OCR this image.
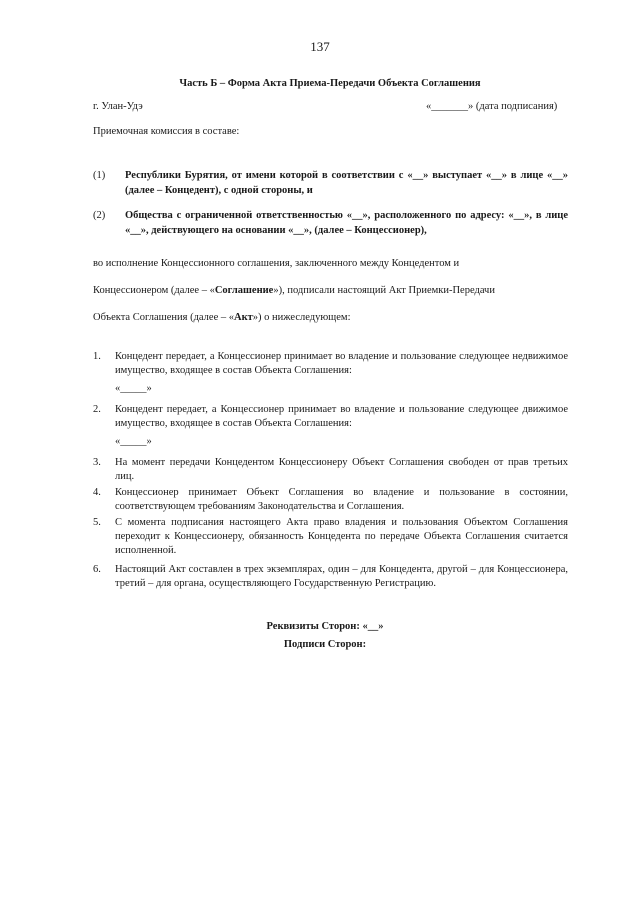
137
Часть Б – Форма Акта Приема-Передачи Объекта Соглашения
г. Улан-Удэ	«_______» (дата подписания)
Приемочная комиссия в составе:
(1) Республики Бурятия, от имени которой в соответствии с «__» выступает «__» в лице «__» (далее – Концедент), с одной стороны, и
(2) Общества с ограниченной ответственностью «__», расположенного по адресу: «__», в лице «__», действующего на основании «__», (далее – Концессионер),
во исполнение Концессионного соглашения, заключенного между Концедентом и
Концессионером (далее – «Соглашение»), подписали настоящий Акт Приемки-Передачи
Объекта Соглашения (далее – «Акт») о нижеследующем:
1. Концедент передает, а Концессионер принимает во владение и пользование следующее недвижимое имущество, входящее в состав Объекта Соглашения:
«_____»
2. Концедент передает, а Концессионер принимает во владение и пользование следующее движимое имущество, входящее в состав Объекта Соглашения:
«_____»
3. На момент передачи Концедентом Концессионеру Объект Соглашения свободен от прав третьих лиц.
4. Концессионер принимает Объект Соглашения во владение и пользование в состоянии, соответствующем требованиям Законодательства и Соглашения.
5. С момента подписания настоящего Акта право владения и пользования Объектом Соглашения переходит к Концессионеру, обязанность Концедента по передаче Объекта Соглашения считается исполненной.
6. Настоящий Акт составлен в трех экземплярах, один – для Концедента, другой – для Концессионера, третий – для органа, осуществляющего Государственную Регистрацию.
Реквизиты Сторон: «__»
Подписи Сторон:
